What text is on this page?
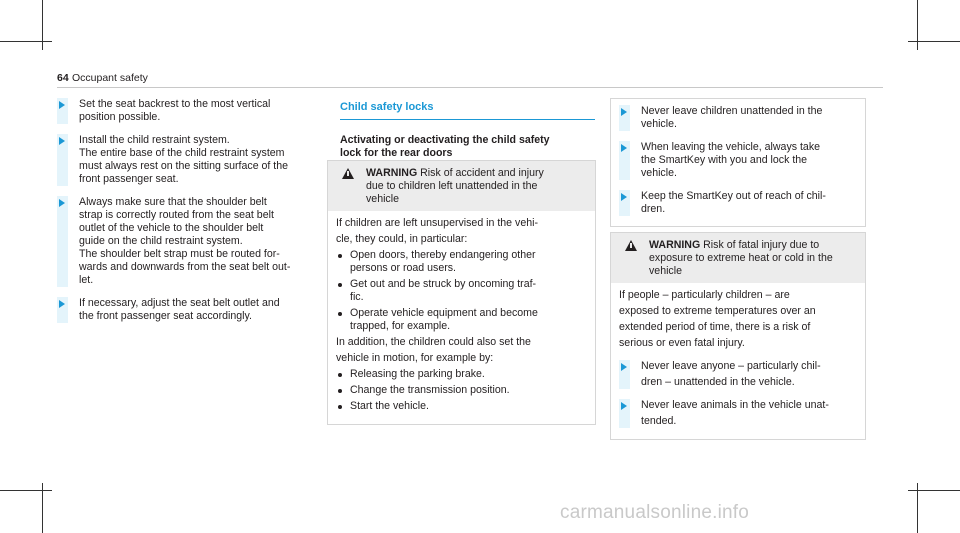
64 Occupant safety

Set the seat backrest to the most vertical

position possible.

Install the child restraint system.

The entire base of the child restraint system

must always rest on the sitting surface of the

front passenger seat.

Always make sure that the shoulder belt

strap is correctly routed from the seat belt

outlet of the vehicle to the shoulder belt

guide on the child restraint system.

The shoulder belt strap must be routed for-

wards and downwards from the seat belt out-

let.

If necessary, adjust the seat belt outlet and

the front passenger seat accordingly.

Child safety locks
Activating or deactivating the child safety
lock for the rear doors
WARNING Risk of accident and injury
due to children left unattended in the
vehicle

If children are left unsupervised in the vehi-

cle, they could, in particular:

Open doors, thereby endangering other
persons or road users.
Get out and be struck by oncoming traf-
fic.
Operate vehicle equipment and become
trapped, for example.

In addition, the children could also set the

vehicle in motion, for example by:

Releasing the parking brake.
Change the transmission position.
Start the vehicle.

Never leave children unattended in the

vehicle.

When leaving the vehicle, always take

the SmartKey with you and lock the

vehicle.

Keep the SmartKey out of reach of chil-

dren.

WARNING Risk of fatal injury due to
exposure to extreme heat or cold in the
vehicle

If people – particularly children – are

exposed to extreme temperatures over an

extended period of time, there is a risk of

serious or even fatal injury.

Never leave anyone – particularly chil-

dren – unattended in the vehicle.

Never leave animals in the vehicle unat-

tended.

carmanualsonline.info
